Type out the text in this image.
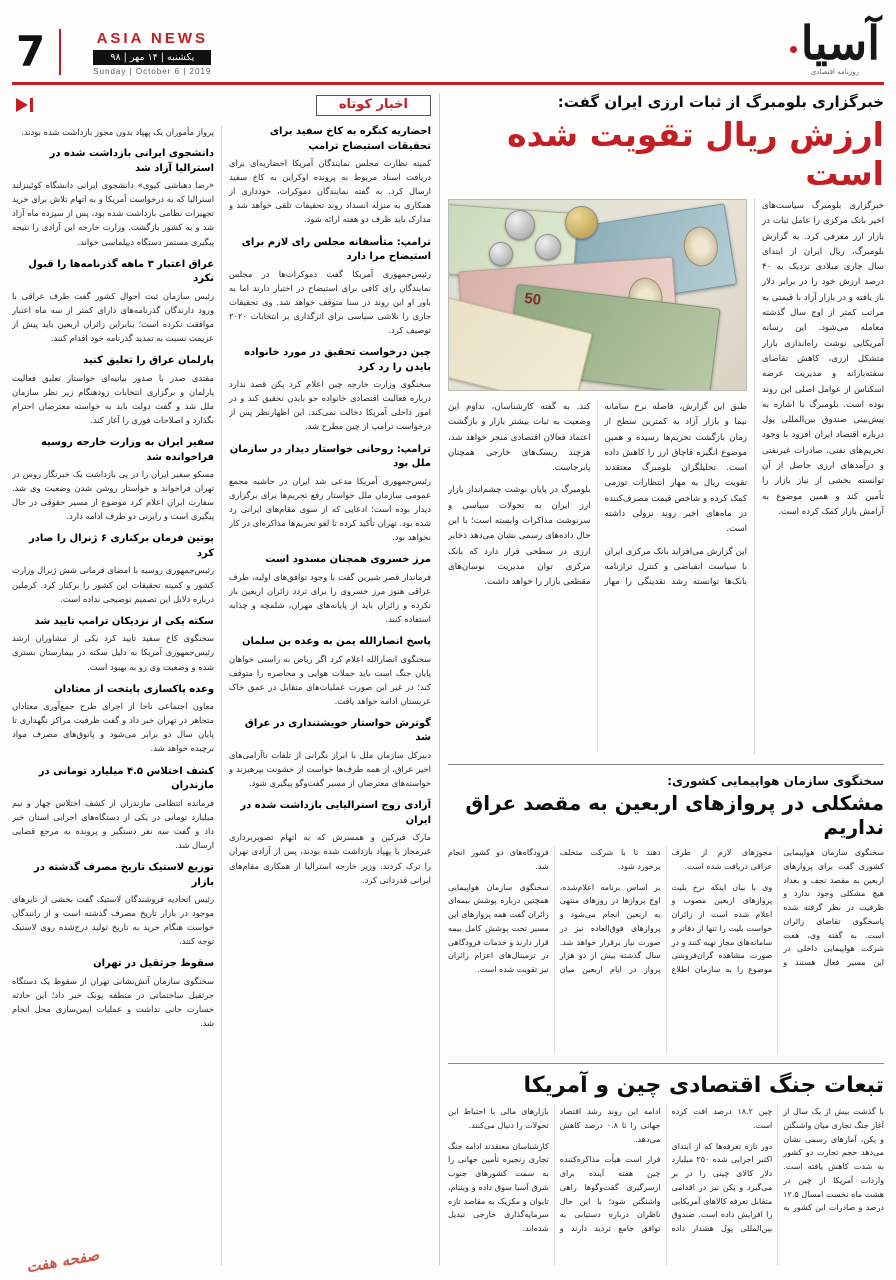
آسیا
روزنامه اقتصادی
ASIA NEWS
یکشنبه | ۱۴ مهر | ۹۸
Sunday | October 6 | 2019
7
خبرگزاری بلومبرگ از ثبات ارزی ایران گفت:
ارزش ریال تقویت شده است

خبرگزاری بلومبرگ سیاست‌های اخیر بانک مرکزی را عامل ثبات در بازار ارز معرفی کرد. به گزارش بلومبرگ، ریال ایران از ابتدای سال جاری میلادی نزدیک به ۴۰ درصد ارزش خود را در برابر دلار باز یافته و در بازار آزاد با قیمتی به مراتب کمتر از اوج سال گذشته معامله می‌شود. این رسانه آمریکایی نوشت راه‌اندازی بازار متشکل ارزی، کاهش تقاضای سفته‌بازانه و مدیریت عرضه اسکناس از عوامل اصلی این روند بوده است. بلومبرگ با اشاره به پیش‌بینی صندوق بین‌المللی پول درباره اقتصاد ایران افزود با وجود تحریم‌های نفتی، صادرات غیرنفتی و درآمدهای ارزی حاصل از آن توانسته بخشی از نیاز بازار را تأمین کند و همین موضوع به آرامش بازار کمک کرده است.

50

طبق این گزارش، فاصله نرخ سامانه نیما و بازار آزاد به کمترین سطح از زمان بازگشت تحریم‌ها رسیده و همین موضوع انگیزه قاچاق ارز را کاهش داده است. تحلیلگران بلومبرگ معتقدند تقویت ریال به مهار انتظارات تورمی کمک کرده و شاخص قیمت مصرف‌کننده در ماه‌های اخیر روند نزولی داشته است.

این گزارش می‌افزاید بانک مرکزی ایران با سیاست انقباضی و کنترل ترازنامه بانک‌ها توانسته رشد نقدینگی را مهار کند. به گفته کارشناسان، تداوم این وضعیت به ثبات بیشتر بازار و بازگشت اعتماد فعالان اقتصادی منجر خواهد شد، هرچند ریسک‌های خارجی همچنان پابرجاست.

بلومبرگ در پایان نوشت چشم‌انداز بازار ارز ایران به تحولات سیاسی و سرنوشت مذاکرات وابسته است؛ با این حال داده‌های رسمی نشان می‌دهد ذخایر ارزی در سطحی قرار دارد که بانک مرکزی توان مدیریت نوسان‌های مقطعی بازار را خواهد داشت.

سخنگوی سازمان هواپیمایی کشوری:
مشکلی در پروازهای اربعین به مقصد عراق نداریم

سخنگوی سازمان هواپیمایی کشوری گفت برای پروازهای اربعین به مقصد نجف و بغداد هیچ مشکلی وجود ندارد و ظرفیت در نظر گرفته شده پاسخگوی تقاضای زائران است. به گفته وی، هفت شرکت هواپیمایی داخلی در این مسیر فعال هستند و مجوزهای لازم از طرف عراقی دریافت شده است.

وی با بیان اینکه نرخ بلیت پروازهای اربعین مصوب و اعلام شده است از زائران خواست بلیت را تنها از دفاتر و سامانه‌های مجاز تهیه کنند و در صورت مشاهده گران‌فروشی موضوع را به سازمان اطلاع دهند تا با شرکت متخلف برخورد شود.

بر اساس برنامه اعلام‌شده، اوج پروازها در روزهای منتهی به اربعین انجام می‌شود و پروازهای فوق‌العاده نیز در صورت نیاز برقرار خواهد شد. سال گذشته بیش از دو هزار پرواز در ایام اربعین میان فرودگاه‌های دو کشور انجام شد.

سخنگوی سازمان هواپیمایی همچنین درباره پوشش بیمه‌ای زائران گفت همه پروازهای این مسیر تحت پوشش کامل بیمه قرار دارند و خدمات فرودگاهی در ترمینال‌های اعزام زائران نیز تقویت شده است.

تبعات جنگ اقتصادی چین و آمریکا

با گذشت بیش از یک سال از آغاز جنگ تجاری میان واشنگتن و پکن، آمارهای رسمی نشان می‌دهد حجم تجارت دو کشور به شدت کاهش یافته است. واردات آمریکا از چین در هشت ماه نخست امسال ۱۲.۵ درصد و صادرات این کشور به چین ۱۸.۲ درصد افت کرده است.

دور تازه تعرفه‌ها که از ابتدای اکتبر اجرایی شده ۲۵۰ میلیارد دلار کالای چینی را در بر می‌گیرد و پکن نیز در اقدامی متقابل تعرفه کالاهای آمریکایی را افزایش داده است. صندوق بین‌المللی پول هشدار داده ادامه این روند رشد اقتصاد جهانی را تا ۰.۸ درصد کاهش می‌دهد.

قرار است هیأت مذاکره‌کننده چین هفته آینده برای ازسرگیری گفت‌وگوها راهی واشنگتن شود؛ با این حال ناظران درباره دستیابی به توافق جامع تردید دارند و بازارهای مالی با احتیاط این تحولات را دنبال می‌کنند.

کارشناسان معتقدند ادامه جنگ تجاری زنجیره تأمین جهانی را به سمت کشورهای جنوب شرق آسیا سوق داده و ویتنام، تایوان و مکزیک به مقاصد تازه سرمایه‌گذاری خارجی تبدیل شده‌اند.

اخبار کوتاه
احضاریه کنگره به کاخ سفید برای تحقیقات استیضاح ترامپ
کمیته نظارت مجلس نمایندگان آمریکا احضاریه‌ای برای دریافت اسناد مربوط به پرونده اوکراین به کاخ سفید ارسال کرد. به گفته نمایندگان دموکرات، خودداری از همکاری به منزله انسداد روند تحقیقات تلقی خواهد شد و مدارک باید ظرف دو هفته ارائه شود.
ترامپ: متأسفانه مجلس رای لازم برای استیضاح مرا دارد
رئیس‌جمهوری آمریکا گفت دموکرات‌ها در مجلس نمایندگان رای کافی برای استیضاح در اختیار دارند اما به باور او این روند در سنا متوقف خواهد شد. وی تحقیقات جاری را تلاشی سیاسی برای اثرگذاری بر انتخابات ۲۰۲۰ توصیف کرد.
چین درخواست تحقیق در مورد خانواده بایدن را رد کرد
سخنگوی وزارت خارجه چین اعلام کرد پکن قصد ندارد درباره فعالیت اقتصادی خانواده جو بایدن تحقیق کند و در امور داخلی آمریکا دخالت نمی‌کند. این اظهارنظر پس از درخواست ترامپ از چین مطرح شد.
ترامپ: روحانی خواستار دیدار در سازمان ملل بود
رئیس‌جمهوری آمریکا مدعی شد ایران در حاشیه مجمع عمومی سازمان ملل خواستار رفع تحریم‌ها برای برگزاری دیدار بوده است؛ ادعایی که از سوی مقام‌های ایرانی رد شده بود. تهران تأکید کرده تا لغو تحریم‌ها مذاکره‌ای در کار نخواهد بود.
مرز خسروی همچنان مسدود است
فرماندار قصر شیرین گفت با وجود توافق‌های اولیه، طرف عراقی هنوز مرز خسروی را برای تردد زائران اربعین باز نکرده و زائران باید از پایانه‌های مهران، شلمچه و چذابه استفاده کنند.
پاسخ انصارالله یمن به وعده بن سلمان
سخنگوی انصارالله اعلام کرد اگر ریاض به راستی خواهان پایان جنگ است باید حملات هوایی و محاصره را متوقف کند؛ در غیر این صورت عملیات‌های متقابل در عمق خاک عربستان ادامه خواهد یافت.
گوترش خواستار خویشتنداری در عراق شد
دبیرکل سازمان ملل با ابراز نگرانی از تلفات ناآرامی‌های اخیر عراق، از همه طرف‌ها خواست از خشونت بپرهیزند و خواسته‌های معترضان از مسیر گفت‌وگو پیگیری شود.
آزادی زوج استرالیایی بازداشت شده در ایران
مارک فیرکین و همسرش که به اتهام تصویربرداری غیرمجاز با پهپاد بازداشت شده بودند، پس از آزادی تهران را ترک کردند. وزیر خارجه استرالیا از همکاری مقام‌های ایرانی قدردانی کرد.
پرواز مأموران یک پهپاد بدون مجوز بازداشت شده بودند.
دانشجوی ایرانی بازداشت شده در استرالیا آزاد شد
«رضا دهباشی کیوی» دانشجوی ایرانی دانشگاه کوئینزلند استرالیا که به درخواست آمریکا و به اتهام تلاش برای خرید تجهیزات نظامی بازداشت شده بود، پس از سیزده ماه آزاد شد و به کشور بازگشت. وزارت خارجه این آزادی را نتیجه پیگیری مستمر دستگاه دیپلماسی خواند.
عراق اعتبار ۳ ماهه گذرنامه‌ها را قبول نکرد
رئیس سازمان ثبت احوال کشور گفت طرف عراقی با ورود دارندگان گذرنامه‌های دارای کمتر از سه ماه اعتبار موافقت نکرده است؛ بنابراین زائران اربعین باید پیش از عزیمت نسبت به تمدید گذرنامه خود اقدام کنند.
پارلمان عراق را تعلیق کنید
مقتدی صدر با صدور بیانیه‌ای خواستار تعلیق فعالیت پارلمان و برگزاری انتخابات زودهنگام زیر نظر سازمان ملل شد و گفت دولت باید به خواسته معترضان احترام بگذارد و اصلاحات فوری را آغاز کند.
سفیر ایران به وزارت خارجه روسیه فراخوانده شد
مسکو سفیر ایران را در پی بازداشت یک خبرنگار روس در تهران فراخواند و خواستار روشن شدن وضعیت وی شد. سفارت ایران اعلام کرد موضوع از مسیر حقوقی در حال پیگیری است و رایزنی دو طرف ادامه دارد.
پوتین فرمان برکناری ۶ ژنرال را صادر کرد
رئیس‌جمهوری روسیه با امضای فرمانی شش ژنرال وزارت کشور و کمیته تحقیقات این کشور را برکنار کرد. کرملین درباره دلایل این تصمیم توضیحی نداده است.
سکته یکی از نزدیکان ترامپ تایید شد
سخنگوی کاخ سفید تایید کرد یکی از مشاوران ارشد رئیس‌جمهوری آمریکا به دلیل سکته در بیمارستان بستری شده و وضعیت وی رو به بهبود است.
وعده پاکسازی پایتخت از معتادان
معاون اجتماعی ناجا از اجرای طرح جمع‌آوری معتادان متجاهر در تهران خبر داد و گفت ظرفیت مراکز نگهداری تا پایان سال دو برابر می‌شود و پاتوق‌های مصرف مواد برچیده خواهد شد.
کشف اختلاس ۴.۵ میلیارد تومانی در مازندران
فرمانده انتظامی مازندران از کشف اختلاس چهار و نیم میلیارد تومانی در یکی از دستگاه‌های اجرایی استان خبر داد و گفت سه نفر دستگیر و پرونده به مرجع قضایی ارسال شد.
توزیع لاستیک تاریخ مصرف گذشته در بازار
رئیس اتحادیه فروشندگان لاستیک گفت بخشی از تایرهای موجود در بازار تاریخ مصرف گذشته است و از رانندگان خواست هنگام خرید به تاریخ تولید درج‌شده روی لاستیک توجه کنند.
سقوط جرثقیل در تهران
سخنگوی سازمان آتش‌نشانی تهران از سقوط یک دستگاه جرثقیل ساختمانی در منطقه پونک خبر داد؛ این حادثه خسارت جانی نداشت و عملیات ایمن‌سازی محل انجام شد.
صفحه هفت
